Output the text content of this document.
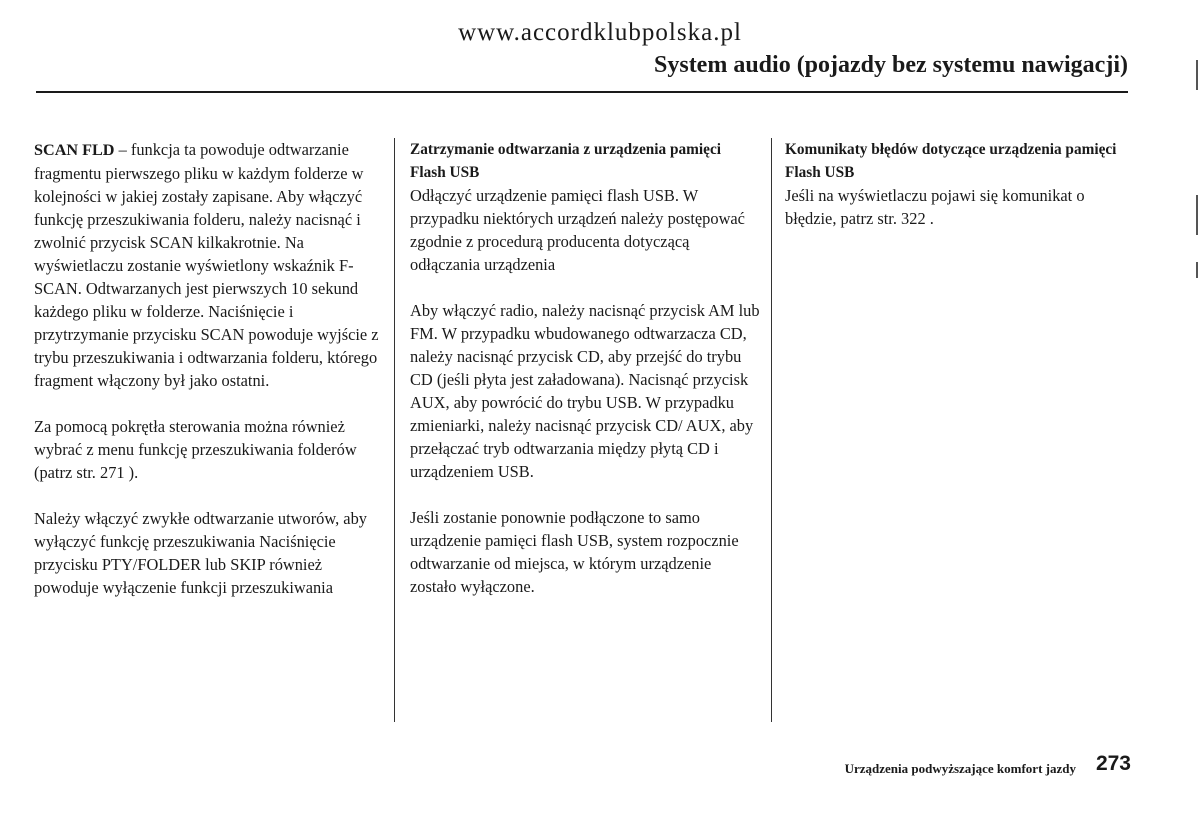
www.accordklubpolska.pl
System audio (pojazdy bez systemu nawigacji)

SCAN FLD – funkcja ta powoduje odtwarzanie fragmentu pierwszego pliku w każdym folderze w kolejności w jakiej zostały zapisane. Aby włączyć funkcję przeszukiwania folderu, należy nacisnąć i zwolnić przycisk SCAN kilkakrotnie. Na wyświetlaczu zostanie wyświetlony wskaźnik F-SCAN. Odtwarzanych jest pierwszych 10 sekund każdego pliku w folderze. Naciśnięcie i przytrzymanie przycisku SCAN powoduje wyjście z trybu przeszukiwania i odtwarzania folderu, którego fragment włączony był jako ostatni.

Za pomocą pokrętła sterowania można również wybrać z menu funkcję przeszukiwania folderów (patrz str. 271 ).

Należy włączyć zwykłe odtwarzanie utworów, aby wyłączyć funkcję przeszukiwania Naciśnięcie przycisku PTY/FOLDER lub SKIP również powoduje wyłączenie funkcji przeszukiwania

Zatrzymanie odtwarzania z urządzenia pamięci Flash USB

Odłączyć urządzenie pamięci flash USB. W przypadku niektórych urządzeń należy postępować zgodnie z procedurą producenta dotyczącą odłączania urządzenia

Aby włączyć radio, należy nacisnąć przycisk AM lub FM. W przypadku wbudowanego odtwarzacza CD, należy nacisnąć przycisk CD, aby przejść do trybu CD (jeśli płyta jest załadowana). Nacisnąć przycisk AUX, aby powrócić do trybu USB. W przypadku zmieniarki, należy nacisnąć przycisk CD/ AUX, aby przełączać tryb odtwarzania między płytą CD i urządzeniem USB.

Jeśli zostanie ponownie podłączone to samo urządzenie pamięci flash USB, system rozpocznie odtwarzanie od miejsca, w którym urządzenie zostało wyłączone.

Komunikaty błędów dotyczące urządzenia pamięci Flash USB

Jeśli na wyświetlaczu pojawi się komunikat o błędzie, patrz str. 322 .

Urządzenia podwyższające komfort jazdy 273
